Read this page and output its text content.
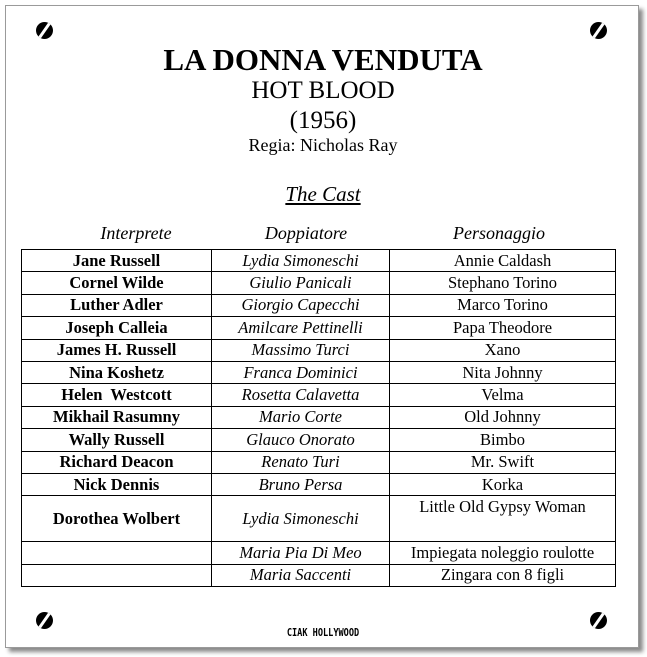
LA DONNA VENDUTA
HOT BLOOD
(1956)
Regia: Nicholas Ray
The Cast
Interprete	Doppiatore	Personaggio
Jane Russell	Lydia Simoneschi	Annie Caldash
Cornel Wilde	Giulio Panicali	Stephano Torino
Luther Adler	Giorgio Capecchi	Marco Torino
Joseph Calleia	Amilcare Pettinelli	Papa Theodore
James H. Russell	Massimo Turci	Xano
Nina Koshetz	Franca Dominici	Nita Johnny
Helen  Westcott	Rosetta Calavetta	Velma
Mikhail Rasumny	Mario Corte	Old Johnny
Wally Russell	Glauco Onorato	Bimbo
Richard Deacon	Renato Turi	Mr. Swift
Nick Dennis	Bruno Persa	Korka
Dorothea Wolbert	Lydia Simoneschi	Little Old Gypsy Woman
	Maria Pia Di Meo	Impiegata noleggio roulotte
	Maria Saccenti	Zingara con 8 figli
CIAK HOLLYWOOD
